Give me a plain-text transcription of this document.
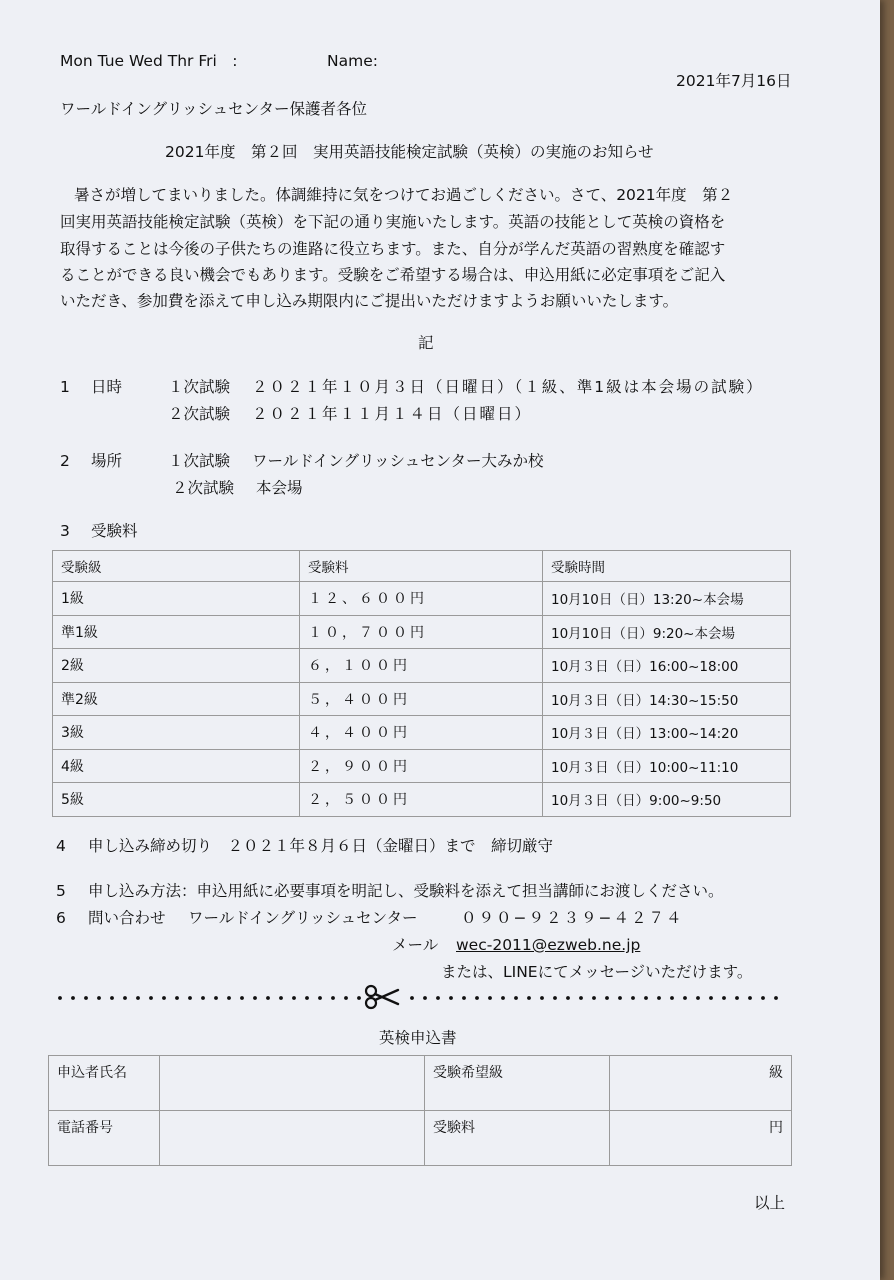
Mon Tue Wed Thr Fri　:	Name:
2021年7月16日
ワールドイングリッシュセンター保護者各位
2021年度　第２回　実用英語技能検定試験（英検）の実施のお知らせ
暑さが増してまいりました。体調維持に気をつけてお過ごしください。さて、2021年度　第２
回実用英語技能検定試験（英検）を下記の通り実施いたします。英語の技能として英検の資格を
取得することは今後の子供たちの進路に役立ちます。また、自分が学んだ英語の習熟度を確認す
ることができる良い機会でもあります。受験をご希望する場合は、申込用紙に必定事項をご記入
いただき、参加費を添えて申し込み期限内にご提出いただけますようお願いいたします。
記
1 日時	１次試験 ２０２１年１０月３日（日曜日）（１級、準1級は本会場の試験）
２次試験 ２０２１年１１月１４日（日曜日）
2 場所	１次試験 ワールドイングリッシュセンター大みか校
２次試験 本会場
3 受験料
受験級	受験料	受験時間
1級	１２、６００円	10月10日（日）13:20~本会場
準1級	１０，７００円	10月10日（日）9:20~本会場
2級	６，１００円	10月３日（日）16:00~18:00
準2級	５，４００円	10月３日（日）14:30~15:50
3級	４，４００円	10月３日（日）13:00~14:20
4級	２，９００円	10月３日（日）10:00~11:10
5級	２，５００円	10月３日（日）9:00~9:50
4 申し込み締め切り　２０２１年８月６日（金曜日）まで　締切厳守
5 申し込み方法：申込用紙に必要事項を明記し、受験料を添えて担当講師にお渡しください。
6 問い合わせ ワールドイングリッシュセンター	０９０−９２３９−４２７４
メール wec-2011@ezweb.ne.jp
または、LINEにてメッセージいただけます。
英検申込書
申込者氏名		受験希望級	級
電話番号		受験料	円
以上
